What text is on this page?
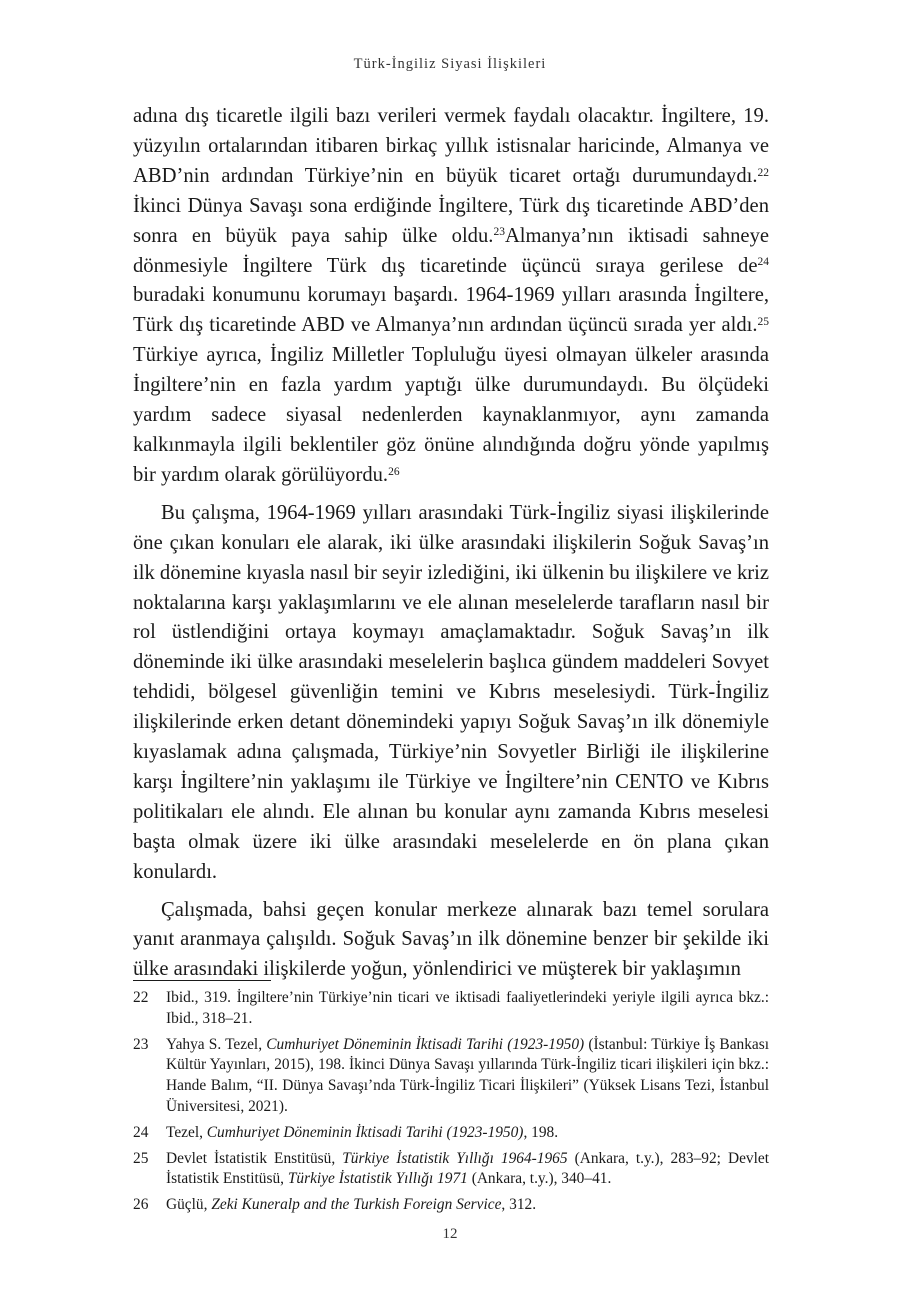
Türk-İngiliz Siyasi İlişkileri

adına dış ticaretle ilgili bazı verileri vermek faydalı olacaktır. İngiltere, 19. yüzyılın ortalarından itibaren birkaç yıllık istisnalar haricinde, Almanya ve ABD’nin ardından Türkiye’nin en büyük ticaret ortağı durumundaydı.$^{22}$ İkinci Dünya Savaşı sona erdiğinde İngiltere, Türk dış ticaretinde ABD’den sonra en büyük paya sahip ülke oldu.$^{23}$Almanya’nın iktisadi sahneye dönmesiyle İngiltere Türk dış ticaretinde üçüncü sıraya gerilese de$^{24}$ buradaki konumunu korumayı başardı. 1964-1969 yılları arasında İngiltere, Türk dış ticaretinde ABD ve Almanya’nın ardından üçüncü sırada yer aldı.$^{25}$ Türkiye ayrıca, İngiliz Milletler Topluluğu üyesi olmayan ülkeler arasında İngiltere’nin en fazla yardım yaptığı ülke durumundaydı. Bu ölçüdeki yardım sadece siyasal nedenlerden kaynaklanmıyor, aynı zamanda kalkınmayla ilgili beklentiler göz önüne alındığında doğru yönde yapılmış bir yardım olarak görülüyordu.$^{26}$

Bu çalışma, 1964-1969 yılları arasındaki Türk-İngiliz siyasi ilişkilerinde öne çıkan konuları ele alarak, iki ülke arasındaki ilişkilerin Soğuk Savaş’ın ilk dönemine kıyasla nasıl bir seyir izlediğini, iki ülkenin bu ilişkilere ve kriz noktalarına karşı yaklaşımlarını ve ele alınan meselelerde tarafların nasıl bir rol üstlendiğini ortaya koymayı amaçlamaktadır. Soğuk Savaş’ın ilk döneminde iki ülke arasındaki meselelerin başlıca gündem maddeleri Sovyet tehdidi, bölgesel güvenliğin temini ve Kıbrıs meselesiydi. Türk-İngiliz ilişkilerinde erken detant dönemindeki yapıyı Soğuk Savaş’ın ilk dönemiyle kıyaslamak adına çalışmada, Türkiye’nin Sovyetler Birliği ile ilişkilerine karşı İngiltere’nin yaklaşımı ile Türkiye ve İngiltere’nin CENTO ve Kıbrıs politikaları ele alındı. Ele alınan bu konular aynı zamanda Kıbrıs meselesi başta olmak üzere iki ülke arasındaki meselelerde en ön plana çıkan konulardı.

Çalışmada, bahsi geçen konular merkeze alınarak bazı temel sorulara yanıt aranmaya çalışıldı. Soğuk Savaş’ın ilk dönemine benzer bir şekilde iki ülke arasındaki ilişkilerde yoğun, yönlendirici ve müşterek bir yaklaşımın

22	Ibid., 319. İngiltere’nin Türkiye’nin ticari ve iktisadi faaliyetlerindeki yeriyle ilgili ayrıca bkz.: Ibid., 318–21.
23	Yahya S. Tezel, Cumhuriyet Döneminin İktisadi Tarihi (1923-1950) (İstanbul: Türkiye İş Bankası Kültür Yayınları, 2015), 198. İkinci Dünya Savaşı yıllarında Türk-İngiliz ticari ilişkileri için bkz.: Hande Balım, “II. Dünya Savaşı’nda Türk-İngiliz Ticari İlişkileri” (Yüksek Lisans Tezi, İstanbul Üniversitesi, 2021).
24	Tezel, Cumhuriyet Döneminin İktisadi Tarihi (1923-1950), 198.
25	Devlet İstatistik Enstitüsü, Türkiye İstatistik Yıllığı 1964-1965 (Ankara, t.y.), 283–92; Devlet İstatistik Enstitüsü, Türkiye İstatistik Yıllığı 1971 (Ankara, t.y.), 340–41.
26	Güçlü, Zeki Kuneralp and the Turkish Foreign Service, 312.
12
